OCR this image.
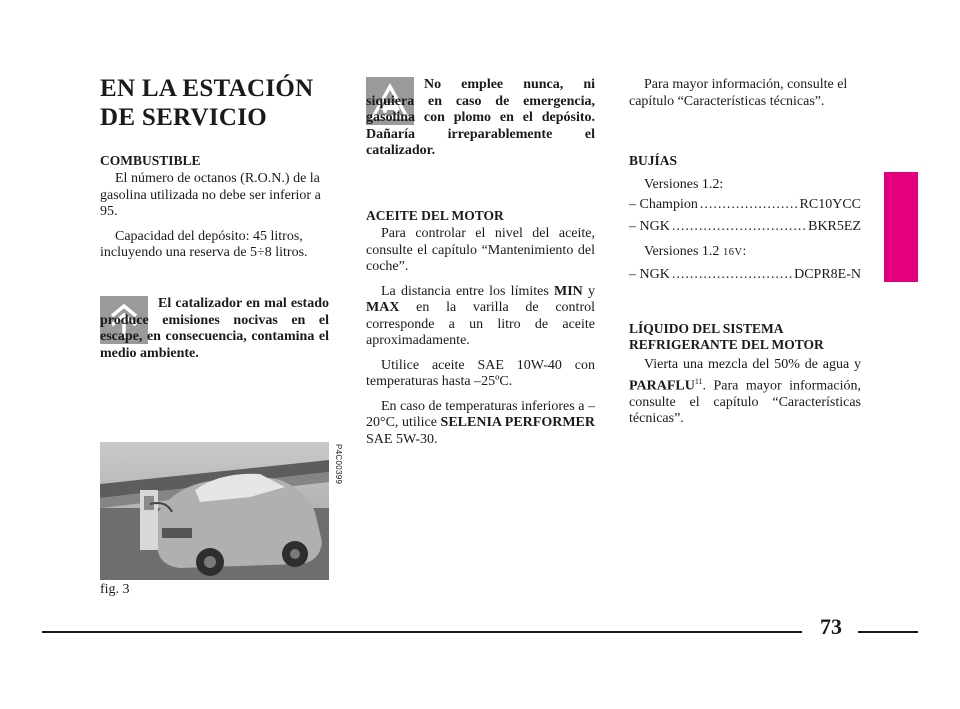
EN LA ESTACIÓN
DE SERVICIO

COMBUSTIBLE

El número de octanos (R.O.N.) de la gasolina utilizada no debe ser inferior a 95.

Capacidad del depósito: 45 litros, incluyendo una reserva de 5÷8 litros.

El catalizador en mal estado produce emisiones nocivas en el escape, en consecuencia, contamina el medio ambiente.

P4C00399
fig. 3

No emplee nunca, ni siquiera en caso de emergencia, gasolina con plomo en el depósito. Dañaría irreparablemente el catalizador.

ACEITE DEL MOTOR

Para controlar el nivel del aceite, consulte el capítulo “Mantenimiento del coche”.

La distancia entre los límites MIN y MAX en la varilla de control corresponde a un litro de aceite aproximadamente.

Utilice aceite SAE 10W-40 con temperaturas hasta –25ºC.

En caso de temperaturas inferiores a –20°C, utilice SELENIA PERFORMER SAE 5W-30.

Para mayor información, consulte el capítulo “Características técnicas”.

BUJÍAS

Versiones 1.2:

– Champion .....	RC10YCC
– NGK .....	BKR5EZ

Versiones 1.2 16V:

– NGK .....	DCPR8E-N

LÍQUIDO DEL SISTEMA
REFRIGERANTE DEL MOTOR

Vierta una mezcla del 50% de agua y PARAFLU$^{11}$. Para mayor información, consulte el capítulo “Características técnicas”.

73
